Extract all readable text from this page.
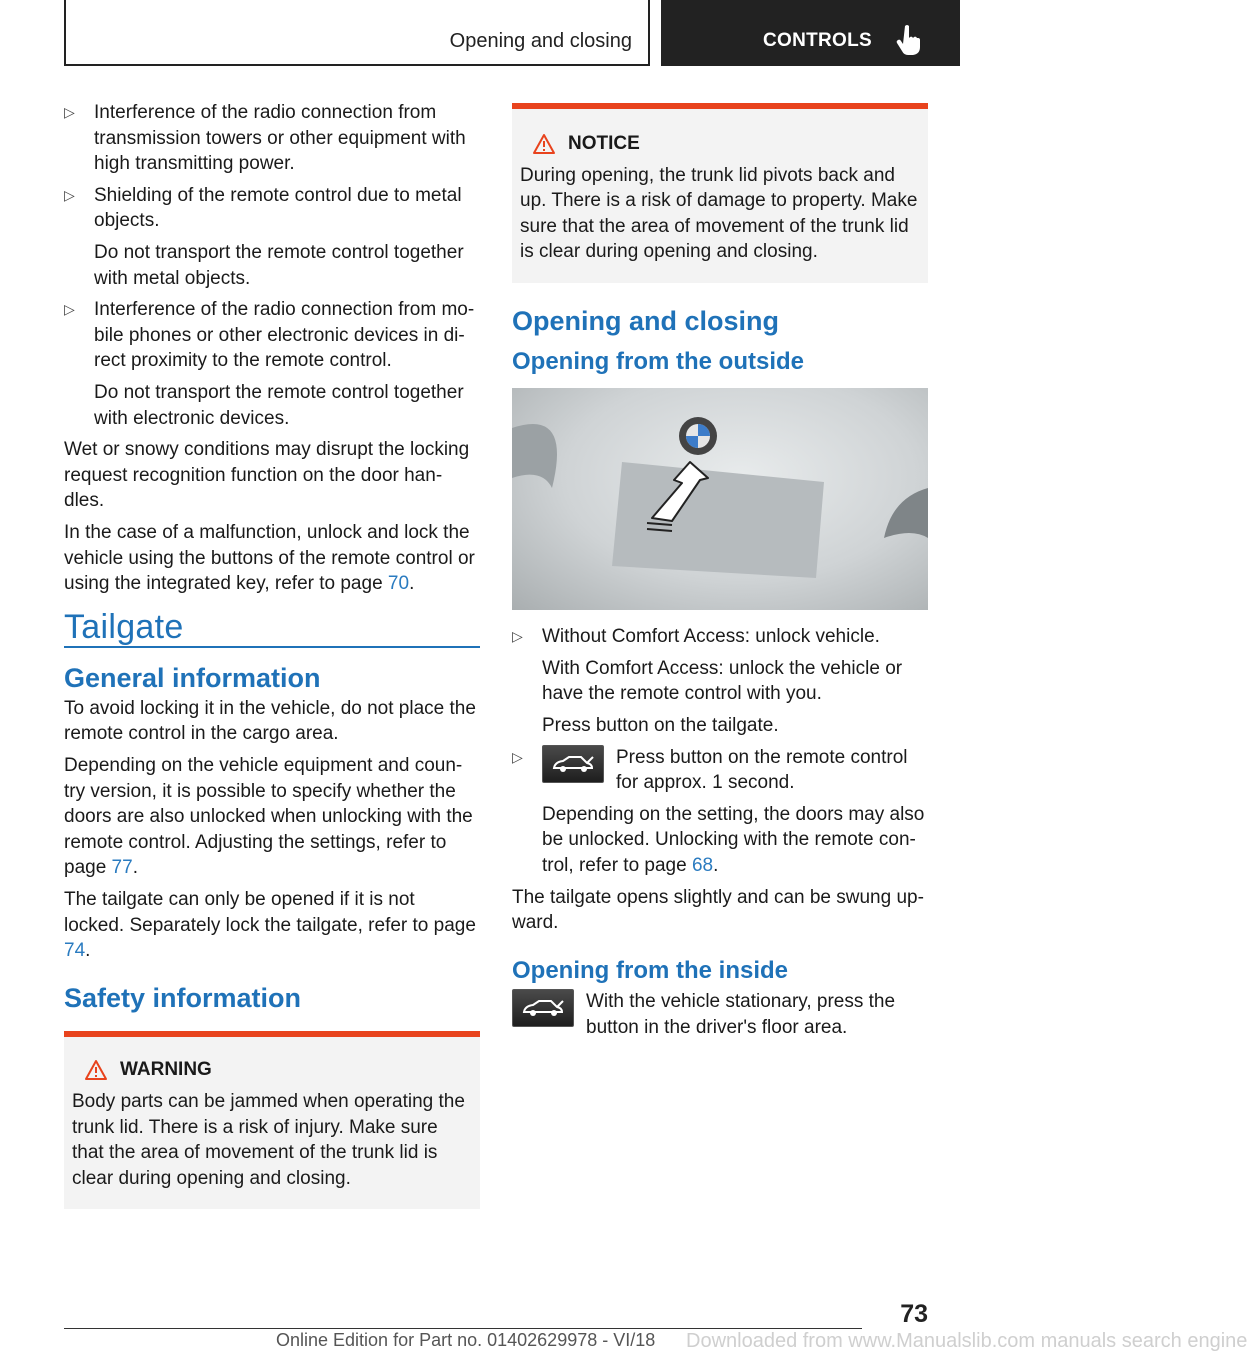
Opening and closing	CONTROLS
▷ Interference of the radio connection from transmission towers or other equipment with high transmitting power.

▷ Shielding of the remote control due to metal objects.

Do not transport the remote control together with metal objects.

▷ Interference of the radio connection from mo‐bile phones or other electronic devices in di‐rect proximity to the remote control.

Do not transport the remote control together with electronic devices.

Wet or snowy conditions may disrupt the locking request recognition function on the door han‐dles.

In the case of a malfunction, unlock and lock the vehicle using the buttons of the remote control or using the integrated key, refer to page 70.

Tailgate
General information

To avoid locking it in the vehicle, do not place the remote control in the cargo area.

Depending on the vehicle equipment and coun‐try version, it is possible to specify whether the doors are also unlocked when unlocking with the remote control. Adjusting the settings, refer to page 77.

The tailgate can only be opened if it is not locked. Separately lock the tailgate, refer to page 74.

Safety information
WARNING

Body parts can be jammed when operating the trunk lid. There is a risk of injury. Make sure that the area of movement of the trunk lid is clear during opening and closing.

NOTICE

During opening, the trunk lid pivots back and up. There is a risk of damage to property. Make sure that the area of movement of the trunk lid is clear during opening and closing.

Opening and closing
Opening from the outside
▷ Without Comfort Access: unlock vehicle.

With Comfort Access: unlock the vehicle or have the remote control with you.

Press button on the tailgate.

▷	Press button on the remote control for approx. 1 second.

Depending on the setting, the doors may also be unlocked. Unlocking with the remote con‐trol, refer to page 68.

The tailgate opens slightly and can be swung up‐ward.

Opening from the inside

With the vehicle stationary, press the button in the driver's floor area.

73
Online Edition for Part no. 01402629978 - VI/18 Downloaded from www.Manualslib.com manuals search engine
